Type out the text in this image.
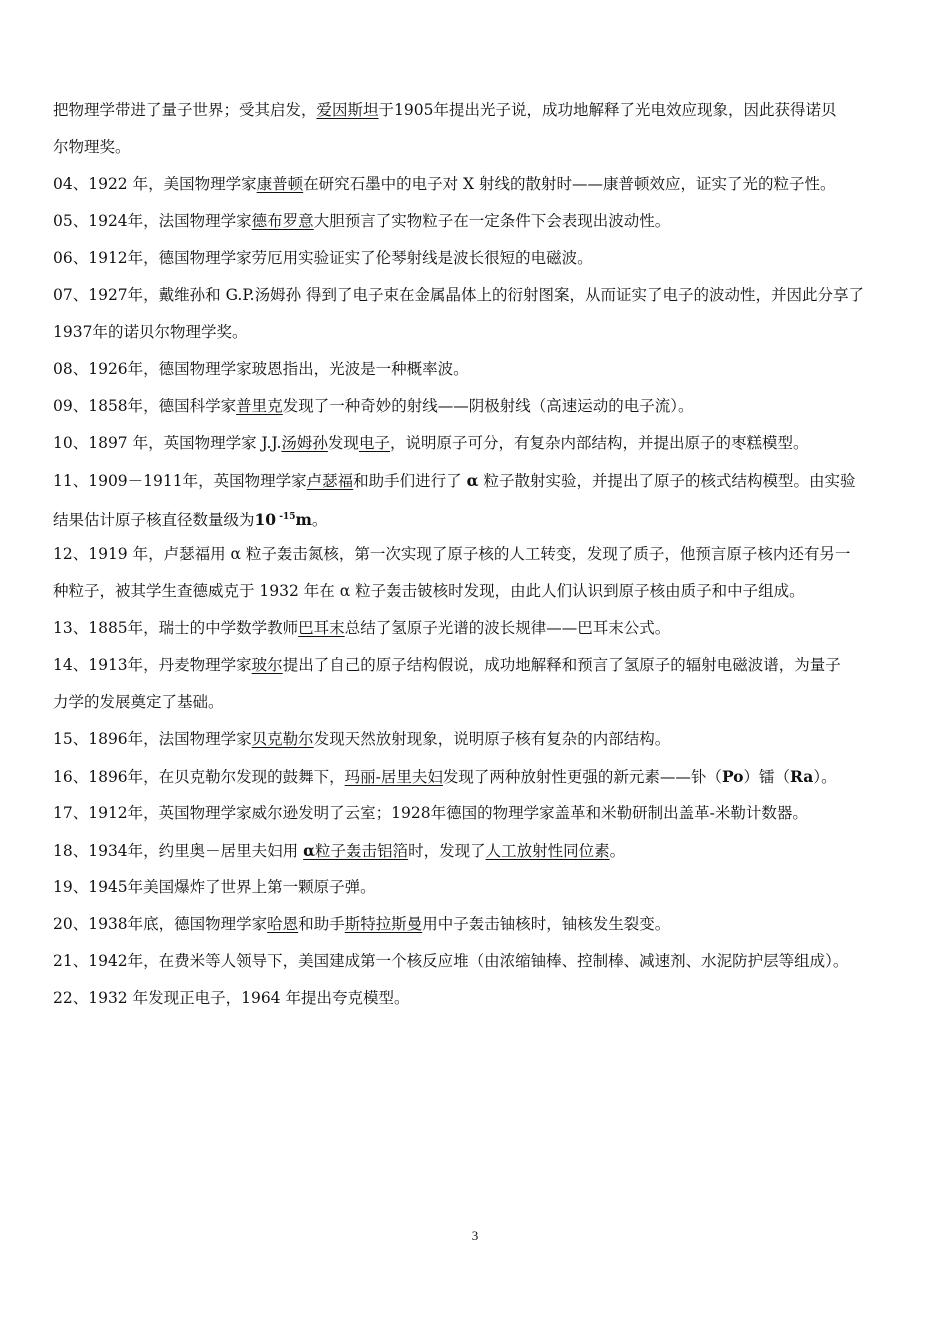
把物理学带进了量子世界；受其启发，爱因斯坦于1905年提出光子说，成功地解释了光电效应现象，因此获得诺贝
尔物理奖。
04、1922 年，美国物理学家康普顿在研究石墨中的电子对 X 射线的散射时——康普顿效应，证实了光的粒子性。
05、1924年，法国物理学家德布罗意大胆预言了实物粒子在一定条件下会表现出波动性。
06、1912年，德国物理学家劳厄用实验证实了伦琴射线是波长很短的电磁波。
07、1927年，戴维孙和 G.P.汤姆孙 得到了电子束在金属晶体上的衍射图案，从而证实了电子的波动性，并因此分享了
1937年的诺贝尔物理学奖。
08、1926年，德国物理学家玻恩指出，光波是一种概率波。
09、1858年，德国科学家普里克发现了一种奇妙的射线——阴极射线（高速运动的电子流）。
10、1897 年，英国物理学家 J.J.汤姆孙发现电子，说明原子可分，有复杂内部结构，并提出原子的枣糕模型。
11、1909－1911年，英国物理学家卢瑟福和助手们进行了 α 粒子散射实验，并提出了原子的核式结构模型。由实验
结果估计原子核直径数量级为10 $^{-15}$m。
12、1919 年，卢瑟福用 α 粒子轰击氮核，第一次实现了原子核的人工转变，发现了质子，他预言原子核内还有另一
种粒子，被其学生查德威克于 1932 年在 α 粒子轰击铍核时发现，由此人们认识到原子核由质子和中子组成。
13、1885年，瑞士的中学数学教师巴耳末总结了氢原子光谱的波长规律——巴耳末公式。
14、1913年，丹麦物理学家玻尔提出了自己的原子结构假说，成功地解释和预言了氢原子的辐射电磁波谱，为量子
力学的发展奠定了基础。
15、1896年，法国物理学家贝克勒尔发现天然放射现象，说明原子核有复杂的内部结构。
16、1896年，在贝克勒尔发现的鼓舞下，玛丽-居里夫妇发现了两种放射性更强的新元素——钋（Po）镭（Ra）。
17、1912年，英国物理学家威尔逊发明了云室；1928年德国的物理学家盖革和米勒研制出盖革-米勒计数器。
18、1934年，约里奥－居里夫妇用 α粒子轰击铝箔时，发现了人工放射性同位素。
19、1945年美国爆炸了世界上第一颗原子弹。
20、1938年底，德国物理学家哈恩和助手斯特拉斯曼用中子轰击铀核时，铀核发生裂变。
21、1942年，在费米等人领导下，美国建成第一个核反应堆（由浓缩铀棒、控制棒、减速剂、水泥防护层等组成）。
22、1932 年发现正电子，1964 年提出夸克模型。
3
